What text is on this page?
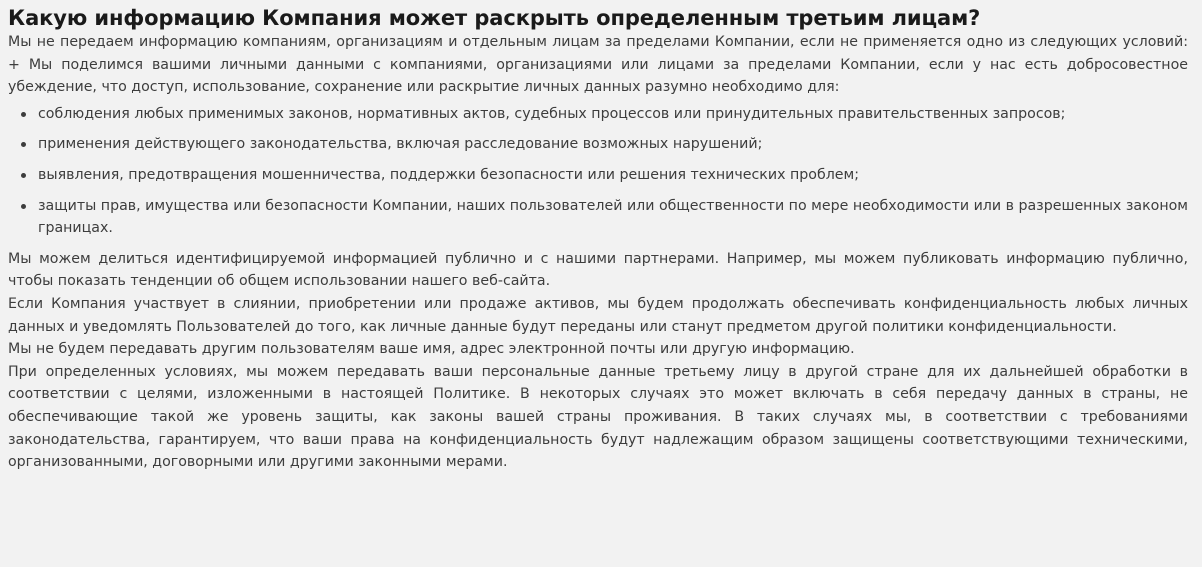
Какую информацию Компания может раскрыть определенным третьим лицам?

Мы не передаем информацию компаниям, организациям и отдельным лицам за пределами Компании, если не применяется одно из следующих условий: + Мы поделимся вашими личными данными с компаниями, организациями или лицами за пределами Компании, если у нас есть добросовестное убеждение, что доступ, использование, сохранение или раскрытие личных данных разумно необходимо для:

соблюдения любых применимых законов, нормативных актов, судебных процессов или принудительных правительственных запросов;
применения действующего законодательства, включая расследование возможных нарушений;
выявления, предотвращения мошенничества, поддержки безопасности или решения технических проблем;
защиты прав, имущества или безопасности Компании, наших пользователей или общественности по мере необходимости или в разрешенных законом границах.

Мы можем делиться идентифицируемой информацией публично и с нашими партнерами. Например, мы можем публиковать информацию публично, чтобы показать тенденции об общем использовании нашего веб-сайта.

Если Компания участвует в слиянии, приобретении или продаже активов, мы будем продолжать обеспечивать конфиденциальность любых личных данных и уведомлять Пользователей до того, как личные данные будут переданы или станут предметом другой политики конфиденциальности.

Мы не будем передавать другим пользователям ваше имя, адрес электронной почты или другую информацию.

При определенных условиях, мы можем передавать ваши персональные данные третьему лицу в другой стране для их дальнейшей обработки в соответствии с целями, изложенными в настоящей Политике. В некоторых случаях это может включать в себя передачу данных в страны, не обеспечивающие такой же уровень защиты, как законы вашей страны проживания. В таких случаях мы, в соответствии с требованиями законодательства, гарантируем, что ваши права на конфиденциальность будут надлежащим образом защищены соответствующими техническими, организованными, договорными или другими законными мерами.
